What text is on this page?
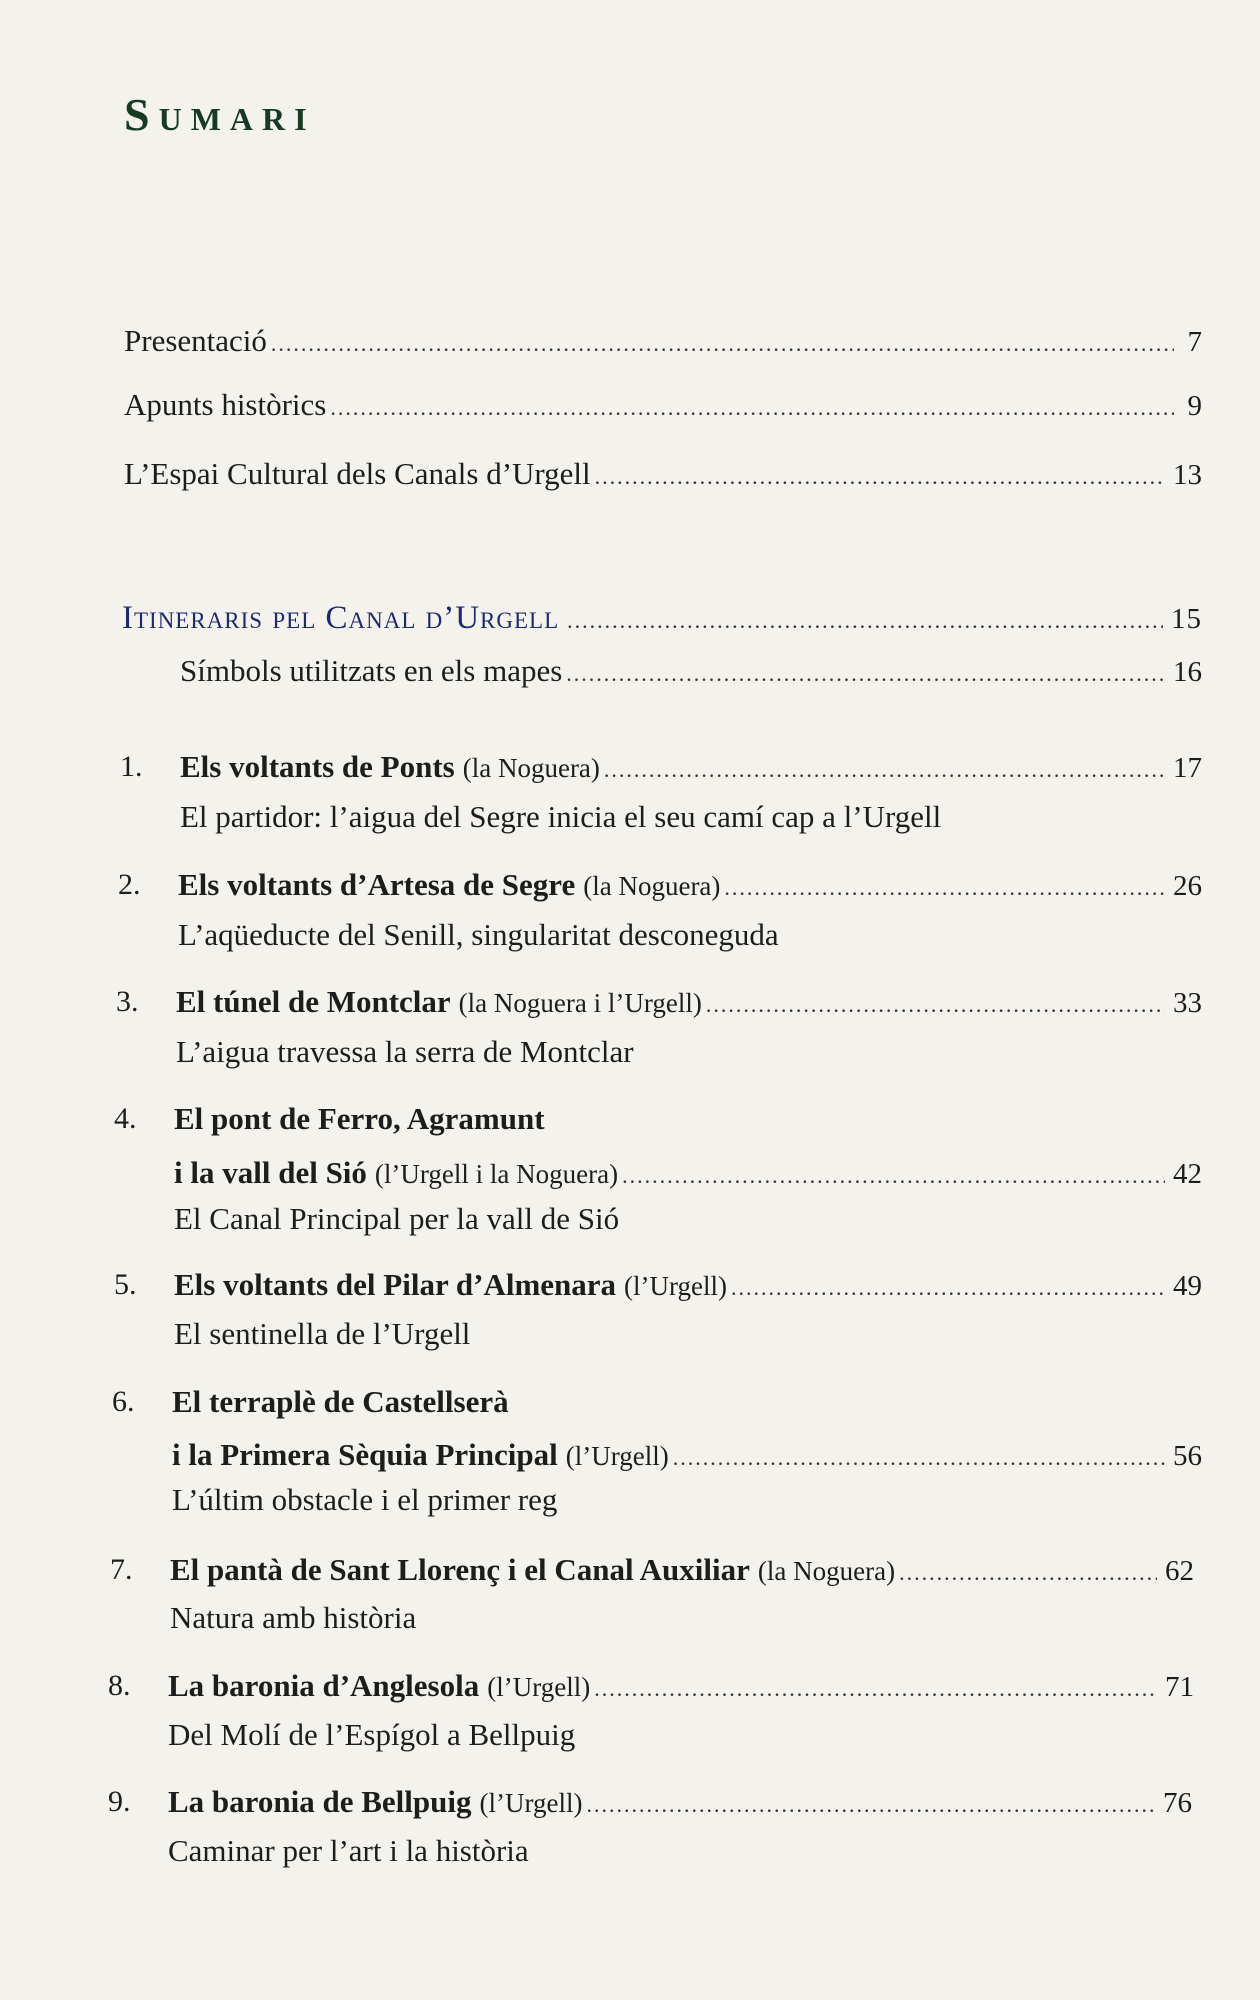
Sumari
Presentació .....	7
Apunts històrics .....	9
L’Espai Cultural dels Canals d’Urgell .....	13
Itineraris pel Canal d’Urgell .....	15
Símbols utilitzats en els mapes .....	16
1. Els voltants de Ponts (la Noguera) .....	17
El partidor: l’aigua del Segre inicia el seu camí cap a l’Urgell
2. Els voltants d’Artesa de Segre (la Noguera) .....	26
L’aqüeducte del Senill, singularitat desconeguda
3. El túnel de Montclar (la Noguera i l’Urgell) .....	33
L’aigua travessa la serra de Montclar
4. El pont de Ferro, Agramunt
i la vall del Sió (l’Urgell i la Noguera) .....	42
El Canal Principal per la vall de Sió
5. Els voltants del Pilar d’Almenara (l’Urgell) .....	49
El sentinella de l’Urgell
6. El terraplè de Castellserà
i la Primera Sèquia Principal (l’Urgell) .....	56
L’últim obstacle i el primer reg
7. El pantà de Sant Llorenç i el Canal Auxiliar (la Noguera) .....	62
Natura amb història
8. La baronia d’Anglesola (l’Urgell) .....	71
Del Molí de l’Espígol a Bellpuig
9. La baronia de Bellpuig (l’Urgell) .....	76
Caminar per l’art i la història
